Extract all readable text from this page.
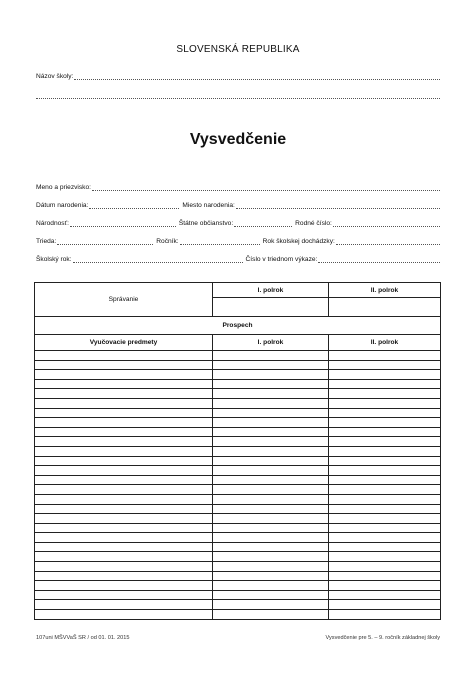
SLOVENSKÁ REPUBLIKA
Názov školy:
Vysvedčenie
Meno a priezvisko:
Dátum narodenia:	Miesto narodenia:
Národnosť:	Štátne občianstvo:	Rodné číslo:
Trieda:	Ročník:	Rok školskej dochádzky:
Školský rok:	Číslo v triednom výkaze:
Správanie	I. polrok	II. polrok

Prospech		
Vyučovacie predmety	I. polrok	II. polrok

107uni MŠVVaŠ SR / od 01. 01. 2015	Vysvedčenie pre 5. – 9. ročník základnej školy
